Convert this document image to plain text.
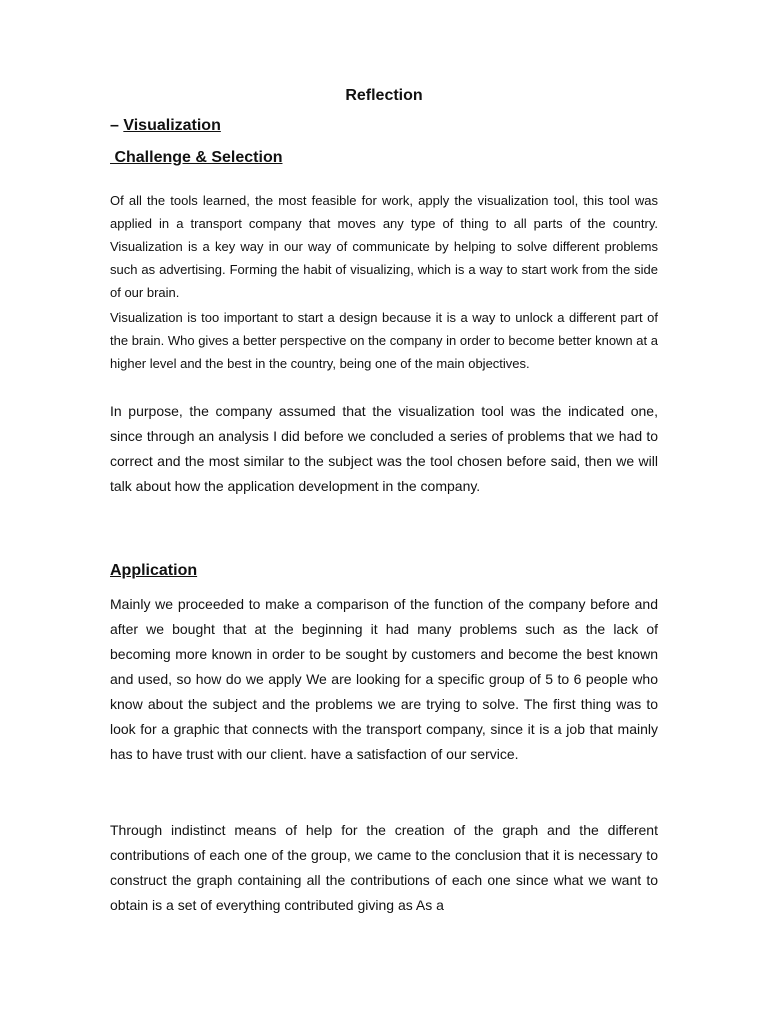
Reflection
– Visualization
Challenge & Selection

Of all the tools learned, the most feasible for work, apply the visualization tool, this tool was applied in a transport company that moves any type of thing to all parts of the country. Visualization is a key way in our way of communicate by helping to solve different problems such as advertising. Forming the habit of visualizing, which is a way to start work from the side of our brain.

Visualization is too important to start a design because it is a way to unlock a different part of the brain. Who gives a better perspective on the company in order to become better known at a higher level and the best in the country, being one of the main objectives.

In purpose, the company assumed that the visualization tool was the indicated one, since through an analysis I did before we concluded a series of problems that we had to correct and the most similar to the subject was the tool chosen before said, then we will talk about how the application development in the company.

Application

Mainly we proceeded to make a comparison of the function of the company before and after we bought that at the beginning it had many problems such as the lack of becoming more known in order to be sought by customers and become the best known and used, so how do we apply We are looking for a specific group of 5 to 6 people who know about the subject and the problems we are trying to solve. The first thing was to look for a graphic that connects with the transport company, since it is a job that mainly has to have trust with our client. have a satisfaction of our service.

Through indistinct means of help for the creation of the graph and the different contributions of each one of the group, we came to the conclusion that it is necessary to construct the graph containing all the contributions of each one since what we want to obtain is a set of everything contributed giving as As a
